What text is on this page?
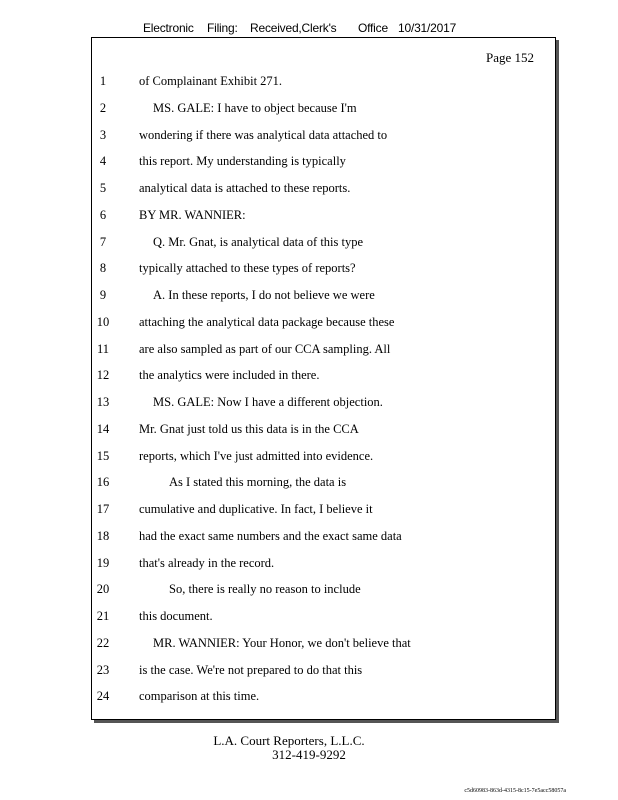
Electronic Filing: Received,Clerk's Office 10/31/2017
Page 152
1	of Complainant Exhibit 271.
2	MS. GALE: I have to object because I'm
3	wondering if there was analytical data attached to
4	this report. My understanding is typically
5	analytical data is attached to these reports.
6	BY MR. WANNIER:
7	Q. Mr. Gnat, is analytical data of this type
8	typically attached to these types of reports?
9	A. In these reports, I do not believe we were
10	attaching the analytical data package because these
11	are also sampled as part of our CCA sampling. All
12	the analytics were included in there.
13	MS. GALE: Now I have a different objection.
14	Mr. Gnat just told us this data is in the CCA
15	reports, which I've just admitted into evidence.
16	As I stated this morning, the data is
17	cumulative and duplicative. In fact, I believe it
18	had the exact same numbers and the exact same data
19	that's already in the record.
20	So, there is really no reason to include
21	this document.
22	MR. WANNIER: Your Honor, we don't believe that
23	is the case. We're not prepared to do that this
24	comparison at this time.
L.A. Court Reporters, L.L.C.
312-419-9292
c5d60983-863d-4315-8c15-7e5acc58057a
